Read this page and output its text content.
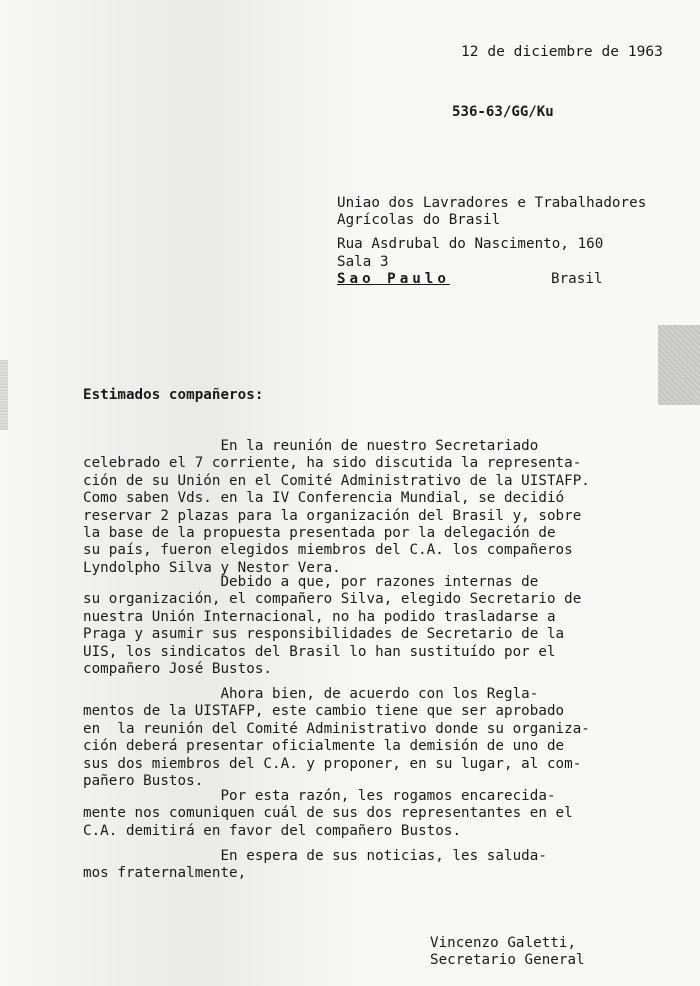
12 de diciembre de 1963
536-63/GG/Ku
Uniao dos Lavradores e Trabalhadores
Agrícolas do Brasil
Rua Asdrubal do Nascimento, 160
Sala 3
Sao Paulo	Brasil
Estimados compañeros:
En la reunión de nuestro Secretariado
celebrado el 7 corriente, ha sido discutida la representa-
ción de su Unión en el Comité Administrativo de la UISTAFP.
Como saben Vds. en la IV Conferencia Mundial, se decidió
reservar 2 plazas para la organización del Brasil y, sobre
la base de la propuesta presentada por la delegación de
su país, fueron elegidos miembros del C.A. los compañeros
Lyndolpho Silva y Nestor Vera.
Debido a que, por razones internas de
su organización, el compañero Silva, elegido Secretario de
nuestra Unión Internacional, no ha podido trasladarse a
Praga y asumir sus responsibilidades de Secretario de la
UIS, los sindicatos del Brasil lo han sustituído por el
compañero José Bustos.
Ahora bien, de acuerdo con los Regla-
mentos de la UISTAFP, este cambio tiene que ser aprobado
en  la reunión del Comité Administrativo donde su organiza-
ción deberá presentar oficialmente la demisión de uno de
sus dos miembros del C.A. y proponer, en su lugar, al com-
pañero Bustos.
Por esta razón, les rogamos encarecida-
mente nos comuniquen cuál de sus dos representantes en el
C.A. demitirá en favor del compañero Bustos.
En espera de sus noticias, les saluda-
mos fraternalmente,
Vincenzo Galetti,
Secretario General
